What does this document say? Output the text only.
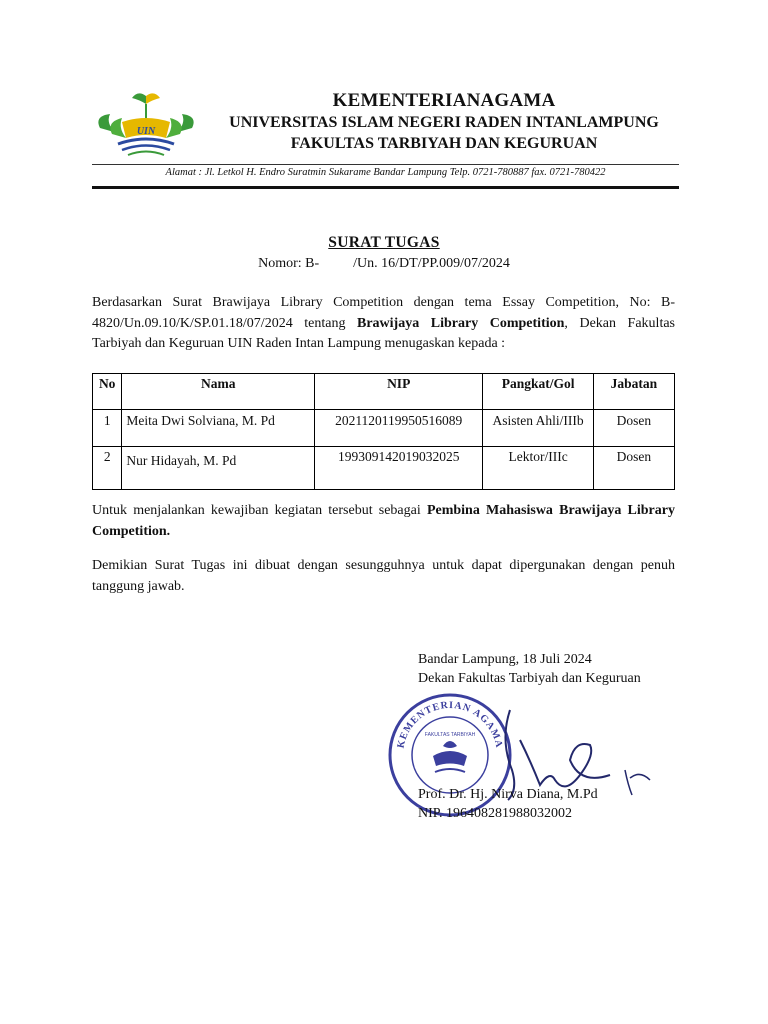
UIN
KEMENTERIANAGAMA
UNIVERSITAS ISLAM NEGERI RADEN INTANLAMPUNG
FAKULTAS TARBIYAH DAN KEGURUAN
Alamat : Jl. Letkol H. Endro Suratmin Sukarame Bandar Lampung Telp. 0721-780887 fax. 0721-780422
SURAT TUGAS
Nomor: B- /Un. 16/DT/PP.009/07/2024
Berdasarkan Surat Brawijaya Library Competition dengan tema Essay Competition, No: B-4820/Un.09.10/K/SP.01.18/07/2024 tentang Brawijaya Library Competition, Dekan Fakultas Tarbiyah dan Keguruan UIN Raden Intan Lampung menugaskan kepada :
No	Nama	NIP	Pangkat/Gol	Jabatan
1	Meita Dwi Solviana, M. Pd	2021120119950516089	Asisten Ahli/IIIb	Dosen
2	Nur Hidayah, M. Pd	199309142019032025	Lektor/IIIc	Dosen
Untuk menjalankan kewajiban kegiatan tersebut sebagai Pembina Mahasiswa Brawijaya Library Competition.
Demikian Surat Tugas ini dibuat dengan sesungguhnya untuk dapat dipergunakan dengan penuh tanggung jawab.
Bandar Lampung, 18 Juli 2024
Dekan Fakultas Tarbiyah dan Keguruan
KEMENTERIAN AGAMA
FAKULTAS TARBIYAH
Prof. Dr. Hj. Nirva Diana, M.Pd
NIP. 196408281988032002
